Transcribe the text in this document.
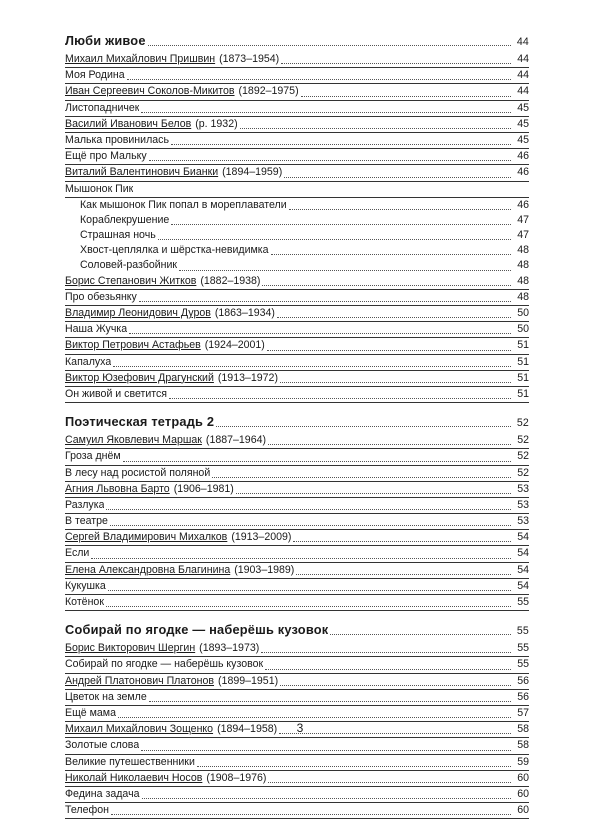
Люби живое	44
Михаил Михайлович Пришвин (1873–1954)	44
Моя Родина	44
Иван Сергеевич Соколов-Микитов (1892–1975)	44
Листопадничек	45
Василий Иванович Белов (р. 1932)	45
Малька провинилась	45
Ещё про Мальку	46
Виталий Валентинович Бианки (1894–1959)	46
Мышонок Пик
Как мышонок Пик попал в мореплаватели	46
Кораблекрушение	47
Страшная ночь	47
Хвост-цеплялка и шёрстка-невидимка	48
Соловей-разбойник	48
Борис Степанович Житков (1882–1938)	48
Про обезьянку	48
Владимир Леонидович Дуров (1863–1934)	50
Наша Жучка	50
Виктор Петрович Астафьев (1924–2001)	51
Капалуха	51
Виктор Юзефович Драгунский (1913–1972)	51
Он живой и светится	51
Поэтическая тетрадь 2	52
Самуил Яковлевич Маршак (1887–1964)	52
Гроза днём	52
В лесу над росистой поляной	52
Агния Львовна Барто (1906–1981)	53
Разлука	53
В театре	53
Сергей Владимирович Михалков (1913–2009)	54
Если	54
Елена Александровна Благинина (1903–1989)	54
Кукушка	54
Котёнок	55
Собирай по ягодке — наберёшь кузовок	55
Борис Викторович Шергин (1893–1973)	55
Собирай по ягодке — наберёшь кузовок	55
Андрей Платонович Платонов (1899–1951)	56
Цветок на земле	56
Ещё мама	57
Михаил Михайлович Зощенко (1894–1958)	58
Золотые слова	58
Великие путешественники	59
Николай Николаевич Носов (1908–1976)	60
Федина задача	60
Телефон	60
3
